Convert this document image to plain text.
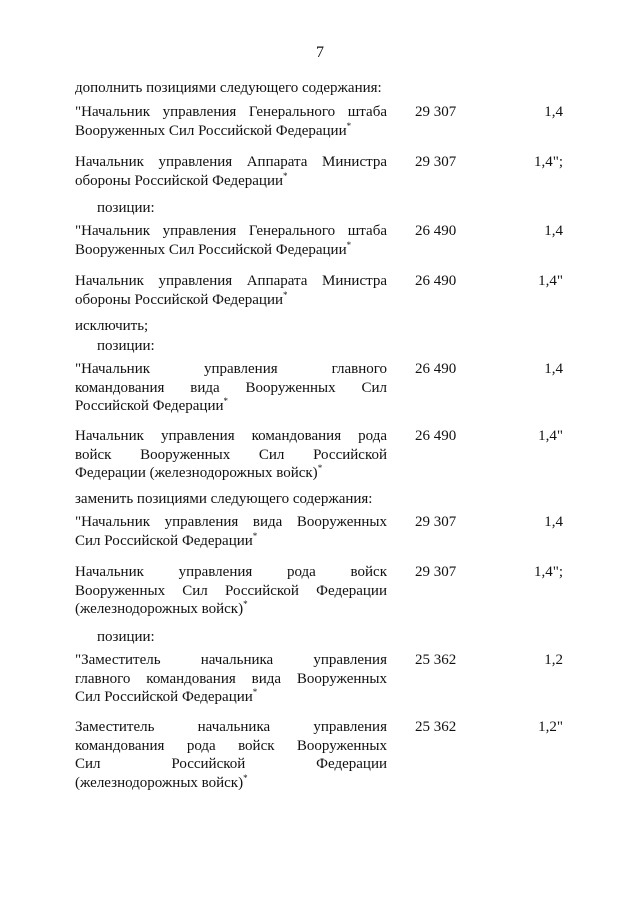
7
дополнить позициями следующего содержания:
"Начальник управления Генерального штаба
Вооруженных Сил Российской Федерации*
29 307	1,4
Начальник управления Аппарата Министра
обороны Российской Федерации*
29 307	1,4";
позиции:
"Начальник управления Генерального штаба
Вооруженных Сил Российской Федерации*
26 490	1,4
Начальник управления Аппарата Министра
обороны Российской Федерации*
26 490	1,4"
исключить;
позиции:
"Начальник управления главного
командования вида Вооруженных Сил
Российской Федерации*
26 490	1,4
Начальник управления командования рода
войск Вооруженных Сил Российской
Федерации (железнодорожных войск)*
26 490	1,4"
заменить позициями следующего содержания:
"Начальник управления вида Вооруженных
Сил Российской Федерации*
29 307	1,4
Начальник управления рода войск
Вооруженных Сил Российской Федерации
(железнодорожных войск)*
29 307	1,4";
позиции:
"Заместитель начальника управления
главного командования вида Вооруженных
Сил Российской Федерации*
25 362	1,2
Заместитель начальника управления
командования рода войск Вооруженных
Сил Российской Федерации
(железнодорожных войск)*
25 362	1,2"
